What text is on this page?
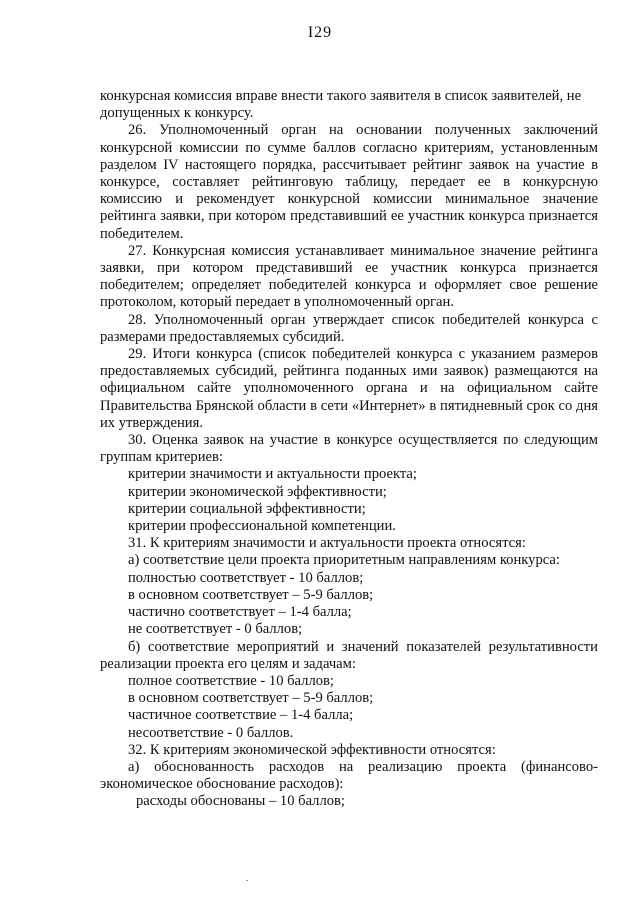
I29

конкурсная комиссия вправе внести такого заявителя в список заявителей, не допущенных к конкурсу.

26. Уполномоченный орган на основании полученных заключений конкурсной комиссии по сумме баллов согласно критериям, установленным разделом IV настоящего порядка, рассчитывает рейтинг заявок на участие в конкурсе, составляет рейтинговую таблицу, передает ее в конкурсную комиссию и рекомендует конкурсной комиссии минимальное значение рейтинга заявки, при котором представивший ее участник конкурса признается победителем.

27. Конкурсная комиссия устанавливает минимальное значение рейтинга заявки, при котором представивший ее участник конкурса признается победителем; определяет победителей конкурса и оформляет свое решение протоколом, который передает в уполномоченный орган.

28. Уполномоченный орган утверждает список победителей конкурса с размерами предоставляемых субсидий.

29. Итоги конкурса (список победителей конкурса с указанием размеров предоставляемых субсидий, рейтинга поданных ими заявок) размещаются на официальном сайте уполномоченного органа и на официальном сайте Правительства Брянской области в сети «Интернет» в пятидневный срок со дня их утверждения.

30. Оценка заявок на участие в конкурсе осуществляется по следующим группам критериев:

критерии значимости и актуальности проекта;

критерии экономической эффективности;

критерии социальной эффективности;

критерии профессиональной компетенции.

31. К критериям значимости и актуальности проекта относятся:

а) соответствие цели проекта приоритетным направлениям конкурса:

полностью соответствует - 10 баллов;

в основном соответствует – 5-9 баллов;

частично соответствует – 1-4 балла;

не соответствует - 0 баллов;

б) соответствие мероприятий и значений показателей результативности реализации проекта его целям и задачам:

полное соответствие - 10 баллов;

в основном соответствует – 5-9 баллов;

частичное соответствие – 1-4 балла;

несоответствие - 0 баллов.

32. К критериям экономической эффективности относятся:

а) обоснованность расходов на реализацию проекта (финансово-экономическое обоснование расходов):

расходы обоснованы – 10 баллов;
